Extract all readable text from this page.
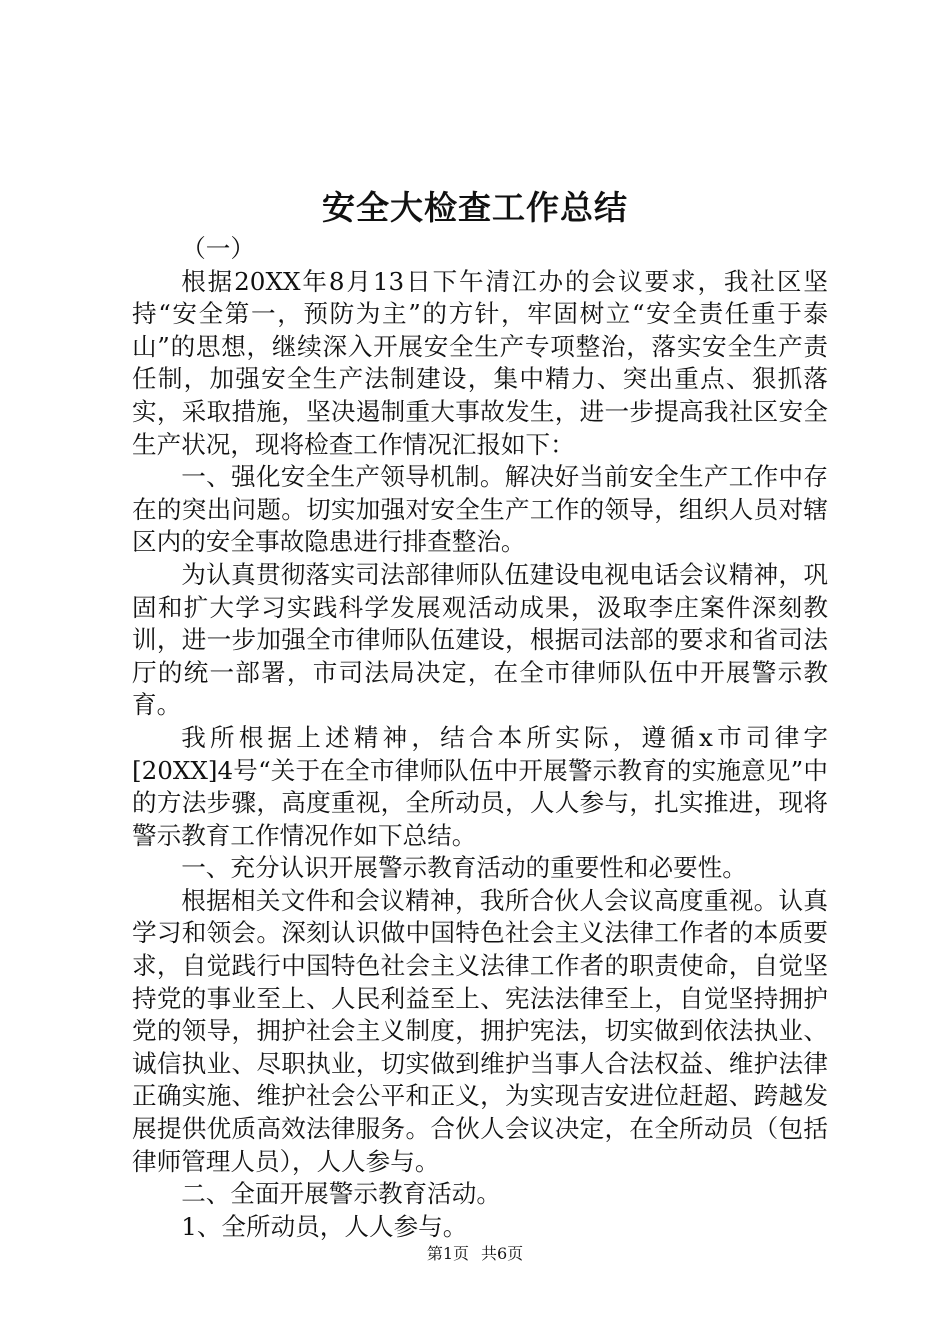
安全大检查工作总结

（一）

根据20XX年8月13日下午清江办的会议要求，我社区坚持“安全第一，预防为主”的方针，牢固树立“安全责任重于泰山”的思想，继续深入开展安全生产专项整治，落实安全生产责任制，加强安全生产法制建设，集中精力、突出重点、狠抓落实，采取措施，坚决遏制重大事故发生，进一步提高我社区安全生产状况，现将检查工作情况汇报如下：

一、强化安全生产领导机制。解决好当前安全生产工作中存在的突出问题。切实加强对安全生产工作的领导，组织人员对辖区内的安全事故隐患进行排查整治。

为认真贯彻落实司法部律师队伍建设电视电话会议精神，巩固和扩大学习实践科学发展观活动成果，汲取李庄案件深刻教训，进一步加强全市律师队伍建设，根据司法部的要求和省司法厅的统一部署，市司法局决定，在全市律师队伍中开展警示教育。

我所根据上述精神，结合本所实际，遵循x市司律字[20XX]4号“关于在全市律师队伍中开展警示教育的实施意见”中的方法步骤，高度重视，全所动员，人人参与，扎实推进，现将警示教育工作情况作如下总结。

一、充分认识开展警示教育活动的重要性和必要性。

根据相关文件和会议精神，我所合伙人会议高度重视。认真学习和领会。深刻认识做中国特色社会主义法律工作者的本质要求，自觉践行中国特色社会主义法律工作者的职责使命，自觉坚持党的事业至上、人民利益至上、宪法法律至上，自觉坚持拥护党的领导，拥护社会主义制度，拥护宪法，切实做到依法执业、诚信执业、尽职执业，切实做到维护当事人合法权益、维护法律正确实施、维护社会公平和正义，为实现吉安进位赶超、跨越发展提供优质高效法律服务。合伙人会议决定，在全所动员（包括律师管理人员），人人参与。

二、全面开展警示教育活动。

1、全所动员，人人参与。

第1页 共6页
